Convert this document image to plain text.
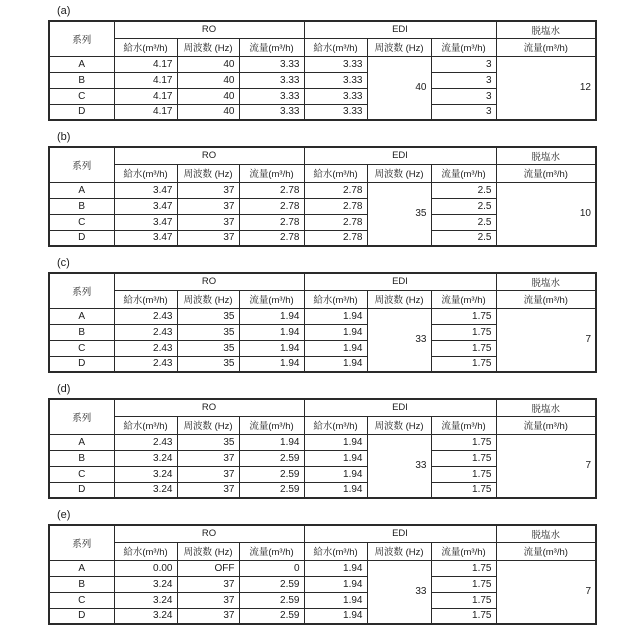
(a)
系列	RO			EDI			脱塩水
	給水(m³/h)	周波数 (Hz)	流量(m³/h)	給水(m³/h)	周波数 (Hz)	流量(m³/h)	流量(m³/h)
A	4.17	40	3.33	3.33	40	3	12
B	4.17	40	3.33	3.33		3	
C	4.17	40	3.33	3.33		3	
D	4.17	40	3.33	3.33		3	
(b)
系列	RO			EDI			脱塩水
	給水(m³/h)	周波数 (Hz)	流量(m³/h)	給水(m³/h)	周波数 (Hz)	流量(m³/h)	流量(m³/h)
A	3.47	37	2.78	2.78	35	2.5	10
B	3.47	37	2.78	2.78		2.5	
C	3.47	37	2.78	2.78		2.5	
D	3.47	37	2.78	2.78		2.5	
(c)
系列	RO			EDI			脱塩水
	給水(m³/h)	周波数 (Hz)	流量(m³/h)	給水(m³/h)	周波数 (Hz)	流量(m³/h)	流量(m³/h)
A	2.43	35	1.94	1.94	33	1.75	7
B	2.43	35	1.94	1.94		1.75	
C	2.43	35	1.94	1.94		1.75	
D	2.43	35	1.94	1.94		1.75	
(d)
系列	RO			EDI			脱塩水
	給水(m³/h)	周波数 (Hz)	流量(m³/h)	給水(m³/h)	周波数 (Hz)	流量(m³/h)	流量(m³/h)
A	2.43	35	1.94	1.94	33	1.75	7
B	3.24	37	2.59	1.94		1.75	
C	3.24	37	2.59	1.94		1.75	
D	3.24	37	2.59	1.94		1.75	
(e)
系列	RO			EDI			脱塩水
	給水(m³/h)	周波数 (Hz)	流量(m³/h)	給水(m³/h)	周波数 (Hz)	流量(m³/h)	流量(m³/h)
A	0.00	OFF	0	1.94	33	1.75	7
B	3.24	37	2.59	1.94		1.75	
C	3.24	37	2.59	1.94		1.75	
D	3.24	37	2.59	1.94		1.75	
